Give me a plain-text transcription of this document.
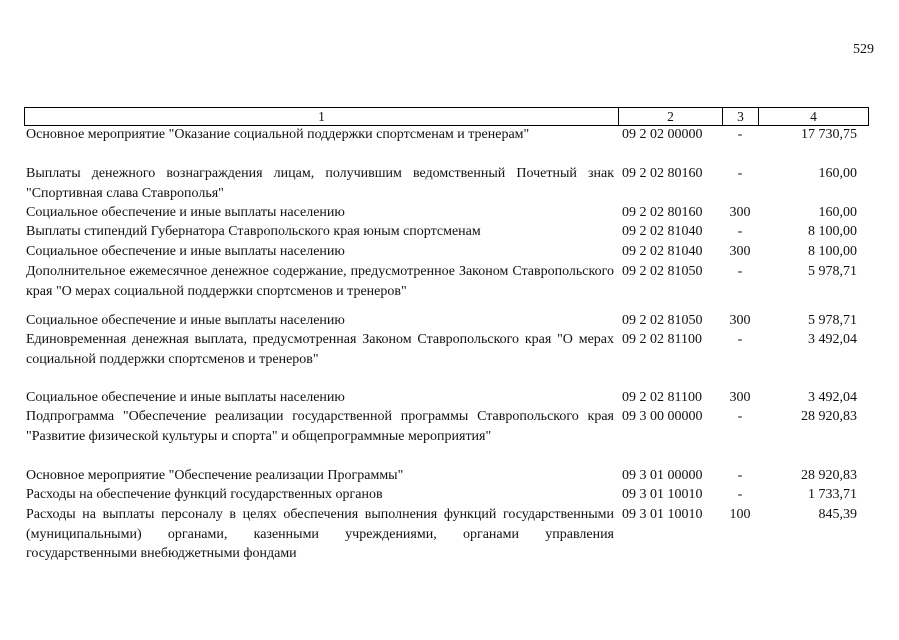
529
1	2	3	4
Основное мероприятие "Оказание социальной поддержки спортсменам и тренерам"	09 2 02 00000	-	17 730,75
Выплаты денежного вознаграждения лицам, получившим ведомственный Почетный знак "Спортивная слава Ставрополья"
09 2 02 80160	-	160,00
Социальное обеспечение и иные выплаты населению	09 2 02 80160	300	160,00
Выплаты стипендий Губернатора Ставропольского края юным спортсменам	09 2 02 81040	-	8 100,00
Социальное обеспечение и иные выплаты населению	09 2 02 81040	300	8 100,00
Дополнительное ежемесячное денежное содержание, предусмотренное Законом Ставропольского края "О мерах социальной поддержки спортсменов и тренеров"
09 2 02 81050	-	5 978,71
Социальное обеспечение и иные выплаты населению	09 2 02 81050	300	5 978,71
Единовременная денежная выплата, предусмотренная Законом Ставропольского края "О мерах социальной поддержки спортсменов и тренеров"
09 2 02 81100	-	3 492,04
Социальное обеспечение и иные выплаты населению	09 2 02 81100	300	3 492,04
Подпрограмма "Обеспечение реализации государственной программы Ставропольского края "Развитие физической культуры и спорта" и общепрограммные мероприятия"
09 3 00 00000	-	28 920,83
Основное мероприятие "Обеспечение реализации Программы"	09 3 01 00000	-	28 920,83
Расходы на обеспечение функций государственных органов	09 3 01 10010	-	1 733,71
Расходы на выплаты персоналу в целях обеспечения выполнения функций государственными (муниципальными) органами, казенными учреждениями, органами управления государственными внебюджетными фондами
09 3 01 10010	100	845,39
